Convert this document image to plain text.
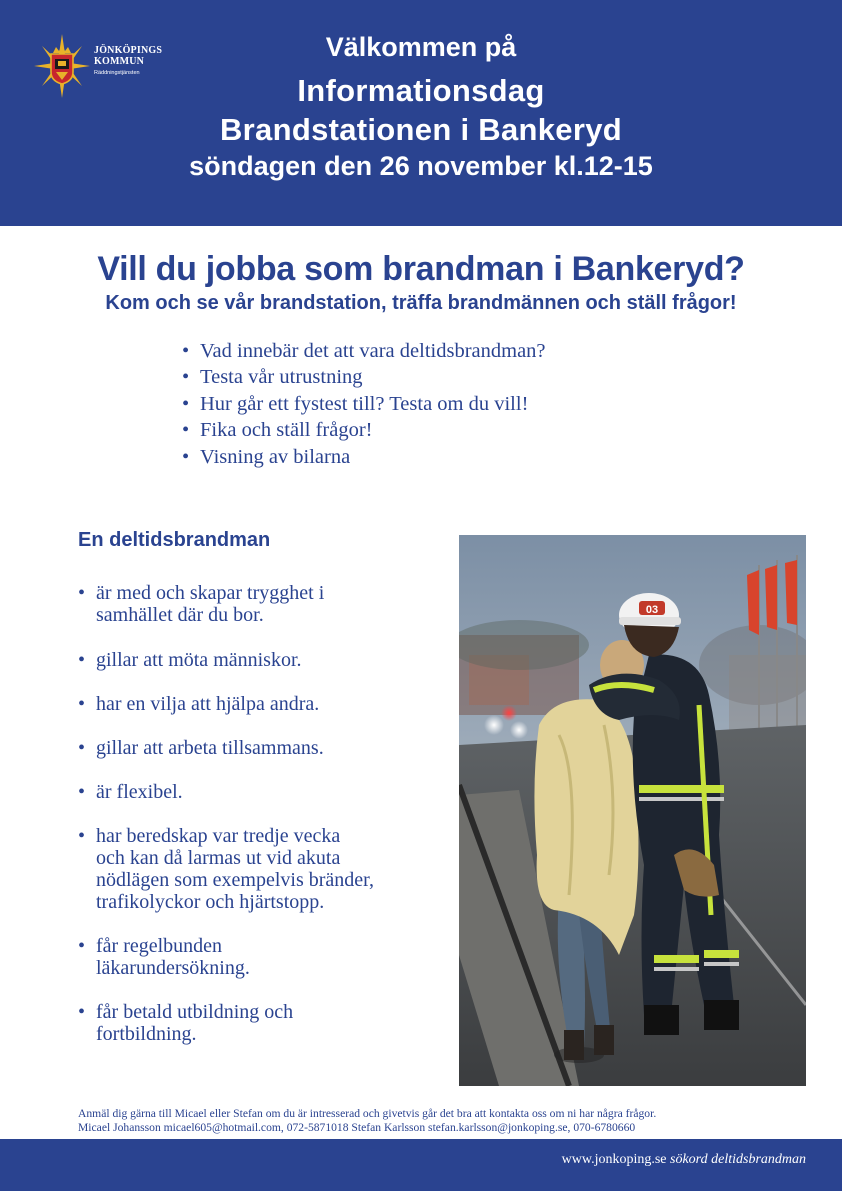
JÖNKÖPINGS
KOMMUN
Räddningstjänsten
Välkommen på
Informationsdag
Brandstationen i Bankeryd
söndagen den 26 november kl.12-15
Vill du jobba som brandman i Bankeryd?
Kom och se vår brandstation, träffa brandmännen och ställ frågor!
• Vad innebär det att vara deltidsbrandman?
• Testa vår utrustning
• Hur går ett fystest till? Testa om du vill!
• Fika och ställ frågor!
• Visning av bilarna
En deltidsbrandman
• är med och skapar trygghet i
samhället där du bor.
• gillar att möta människor.
• har en vilja att hjälpa andra.
• gillar att arbeta tillsammans.
• är flexibel.
• har beredskap var tredje vecka
och kan då larmas ut vid akuta
nödlägen som exempelvis bränder,
trafikolyckor och hjärtstopp.
• får regelbunden
läkarundersökning.
• får betald utbildning och
fortbildning.
03
Anmäl dig gärna till Micael eller Stefan om du är intresserad och givetvis går det bra att kontakta oss om ni har några frågor.
Micael Johansson micael605@hotmail.com, 072-5871018 Stefan Karlsson stefan.karlsson@jonkoping.se, 070-6780660
www.jonkoping.se sökord deltidsbrandman
